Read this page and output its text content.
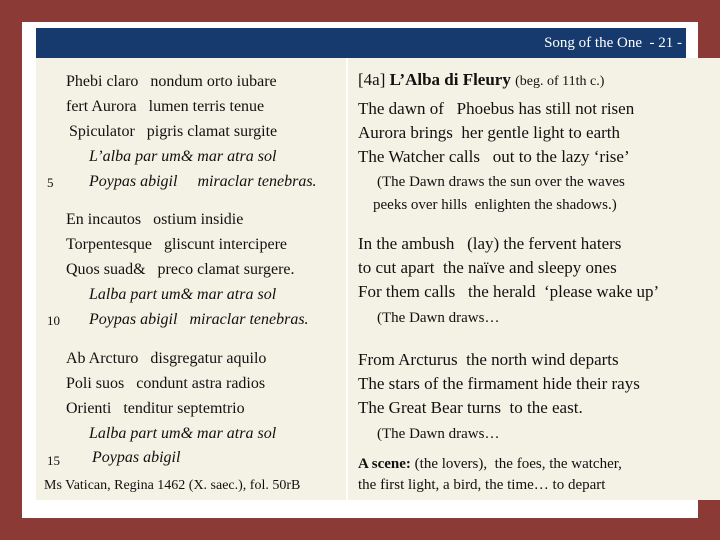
Song of the One  - 21 -
Phebi claro   nondum orto iubare
fert Aurora   lumen terris tenue
Spiculator   pigris clamat surgite
L’alba par um& mar atra sol
Poypas abigil     miraclar tenebras.
5
En incautos   ostium insidie
Torpentesque   gliscunt intercipere
Quos suad&   preco clamat surgere.
Lalba part um& mar atra sol
Poypas abigil   miraclar tenebras.
10
Ab Arcturo   disgregatur aquilo
Poli suos   condunt astra radios
Orienti   tenditur septemtrio
Lalba part um& mar atra sol
Poypas abigil
15
Ms Vatican, Regina 1462 (X. saec.), fol. 50rB
[4a] L’Alba di Fleury (beg. of 11th c.)
The dawn of   Phoebus has still not risen
Aurora brings  her gentle light to earth
The Watcher calls   out to the lazy ‘rise’
(The Dawn draws the sun over the waves
peeks over hills  enlighten the shadows.)
In the ambush   (lay) the fervent haters
to cut apart  the naïve and sleepy ones
For them calls   the herald  ‘please wake up’
(The Dawn draws…
From Arcturus  the north wind departs
The stars of the firmament hide their rays
The Great Bear turns  to the east.
(The Dawn draws…
A scene: (the lovers),  the foes, the watcher,
the first light, a bird, the time… to depart
